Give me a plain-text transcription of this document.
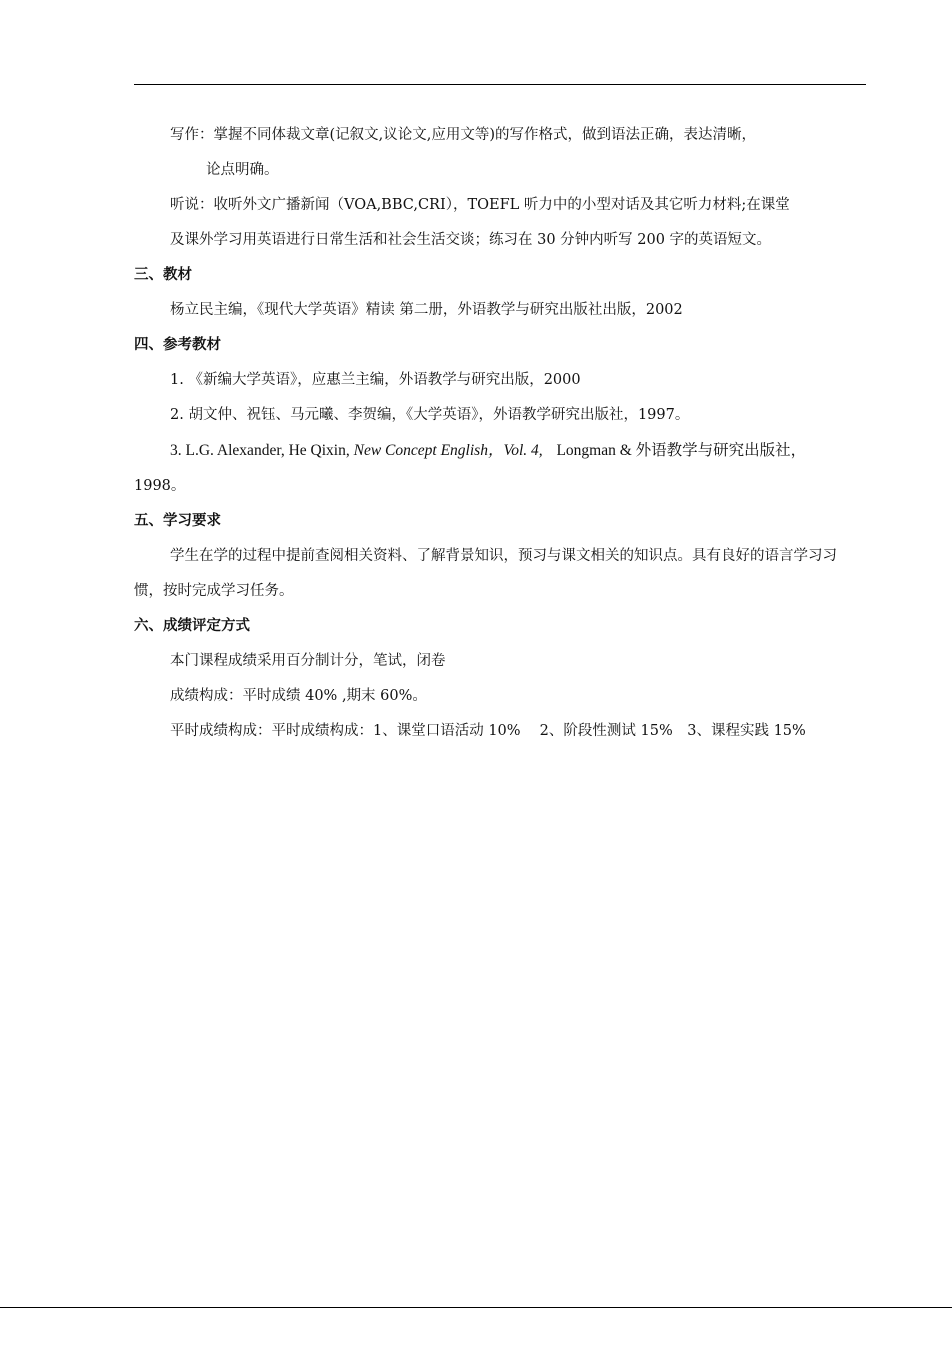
写作：掌握不同体裁文章(记叙文,议论文,应用文等)的写作格式，做到语法正确，表达清晰，

论点明确。

听说：收听外文广播新闻（VOA,BBC,CRI），TOEFL 听力中的小型对话及其它听力材料;在课堂

及课外学习用英语进行日常生活和社会生活交谈；练习在 30 分钟内听写 200 字的英语短文。

三、教材

杨立民主编，《现代大学英语》精读 第二册，外语教学与研究出版社出版，2002

四、参考教材

1. 《新编大学英语》，应惠兰主编，外语教学与研究出版，2000

2. 胡文仲、祝钰、马元曦、李贺编，《大学英语》，外语教学研究出版社，1997。

3. L.G. Alexander, He Qixin, New Concept English，Vol. 4, Longman & 外语教学与研究出版社，

1998。

五、学习要求

学生在学的过程中提前查阅相关资料、了解背景知识，预习与课文相关的知识点。具有良好的语言学习习惯，按时完成学习任务。

六、成绩评定方式

本门课程成绩采用百分制计分，笔试，闭卷

成绩构成：平时成绩 40% ,期末 60%。

平时成绩构成：平时成绩构成：1、课堂口语活动 10%　 2、阶段性测试 15%　3、课程实践 15%
